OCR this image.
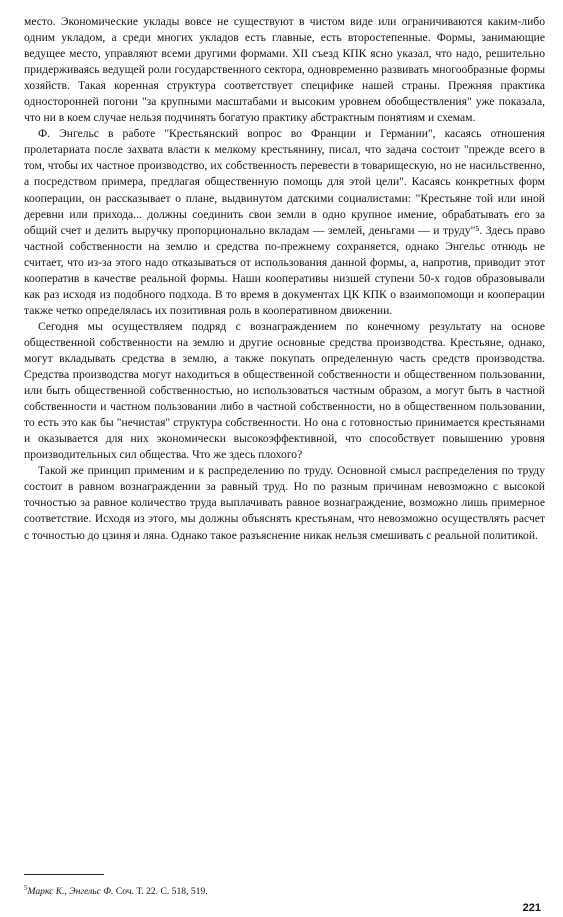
место. Экономические уклады вовсе не существуют в чистом виде или ограничиваются каким-либо одним укладом, а среди многих укладов есть главные, есть второстепенные. Формы, занимающие ведущее место, управляют всеми другими формами. XII съезд КПК ясно указал, что надо, решительно придерживаясь ведущей роли государственного сектора, одновременно развивать многообразные формы хозяйств. Такая коренная структура соответствует специфике нашей страны. Прежняя практика односторонней погони "за крупными масштабами и высоким уровнем обобществления" уже показала, что ни в коем случае нельзя подчинять богатую практику абстрактным понятиям и схемам.

Ф. Энгельс в работе "Крестьянский вопрос во Франции и Германии", касаясь отношения пролетариата после захвата власти к мелкому крестьянину, писал, что задача состоит "прежде всего в том, чтобы их частное производство, их собственность перевести в товарищескую, но не насильственно, а посредством примера, предлагая общественную помощь для этой цели". Касаясь конкретных форм кооперации, он рассказывает о плане, выдвинутом датскими социалистами: "Крестьяне той или иной деревни или прихода... должны соединить свои земли в одно крупное имение, обрабатывать его за общий счет и делить выручку пропорционально вкладам — землей, деньгами — и труду"⁵. Здесь право частной собственности на землю и средства по-прежнему сохраняется, однако Энгельс отнюдь не считает, что из-за этого надо отказываться от использования данной формы, а, напротив, приводит этот кооператив в качестве реальной формы. Наши кооперативы низшей ступени 50-х годов образовывали как раз исходя из подобного подхода. В то время в документах ЦК КПК о взаимопомощи и кооперации также четко определялась их позитивная роль в кооперативном движении.

Сегодня мы осуществляем подряд с вознаграждением по конечному результату на основе общественной собственности на землю и другие основные средства производства. Крестьяне, однако, могут вкладывать средства в землю, а также покупать определенную часть средств производства. Средства производства могут находиться в общественной собственности и общественном пользовании, или быть общественной собственностью, но использоваться частным образом, а могут быть в частной собственности и частном пользовании либо в частной собственности, но в общественном пользовании, то есть это как бы "нечистая" структура собственности. Но она с готовностью принимается крестьянами и оказывается для них экономически высокоэффективной, что способствует повышению уровня производительных сил общества. Что же здесь плохого?

Такой же принцип применим и к распределению по труду. Основной смысл распределения по труду состоит в равном вознаграждении за равный труд. Но по разным причинам невозможно с высокой точностью за равное количество труда выплачивать равное вознаграждение, возможно лишь примерное соответствие. Исходя из этого, мы должны объяснять крестьянам, что невозможно осуществлять расчет с точностью до цзиня и ляна. Однако такое разъяснение никак нельзя смешивать с реальной политикой.

$^5$Маркс К., Энгельс Ф. Соч. Т. 22. С. 518, 519.

221
